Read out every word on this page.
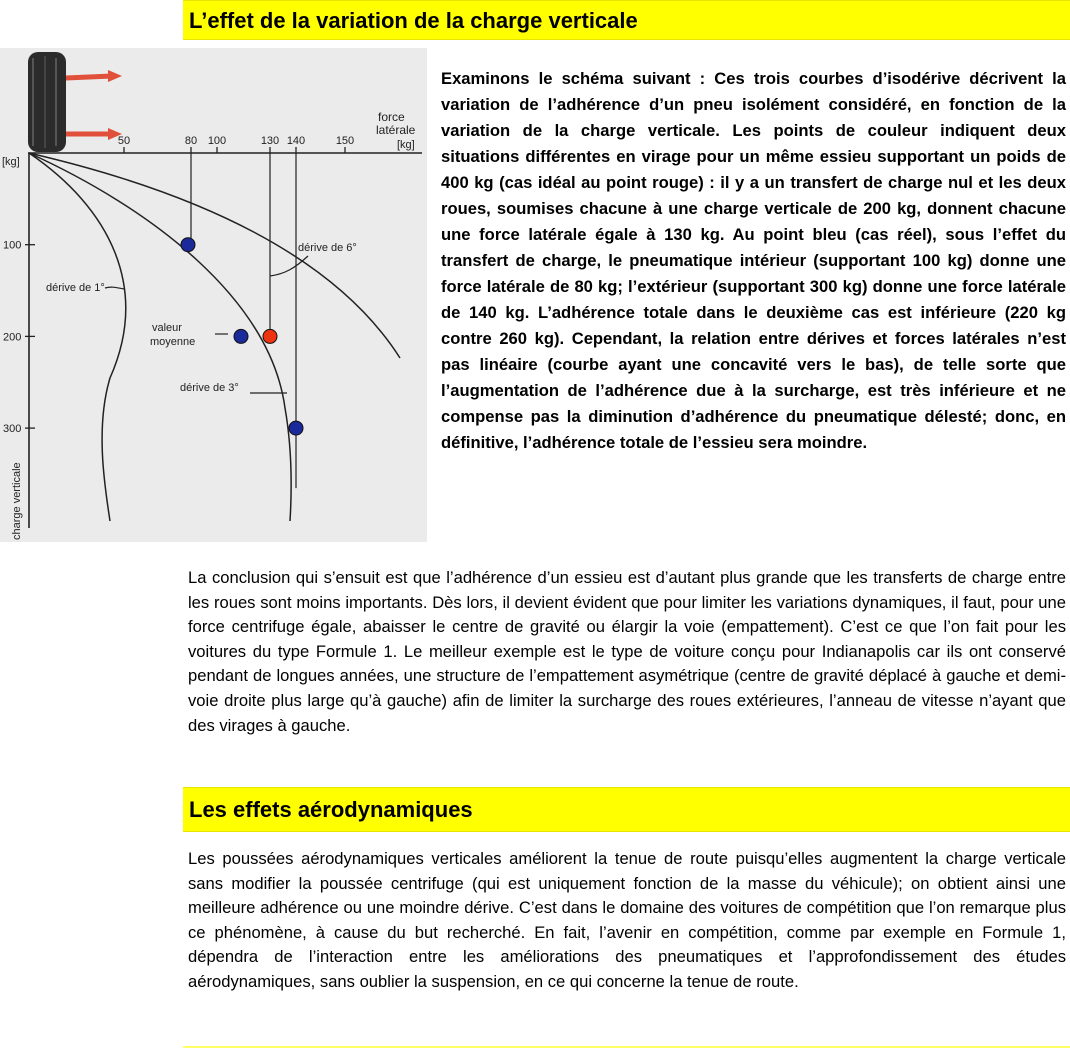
L’effet de la variation de la charge verticale
50	80 100	130 140	150
100
200
300
force
latérale
[kg]
[kg]
charge verticale
dérive de 1°
dérive de 3°
dérive de 6°
valeur
moyenne

Examinons le schéma suivant : Ces trois courbes d’isodérive décrivent la variation de l’adhérence d’un pneu isolément considéré, en fonction de la variation de la charge verticale. Les points de couleur indiquent deux situations différentes en virage pour un même essieu supportant un poids de 400 kg (cas idéal au point rouge) : il y a un transfert de charge nul et les deux roues, soumises chacune à une charge verticale de 200 kg, donnent chacune une force latérale égale à 130 kg. Au point bleu (cas réel), sous l’effet du transfert de charge, le pneumatique intérieur (supportant 100 kg) donne une force latérale de 80 kg; l’extérieur (supportant 300 kg) donne une force latérale de 140 kg. L’adhérence totale dans le deuxième cas est inférieure (220 kg contre 260 kg). Cependant, la relation entre dérives et forces latérales n’est pas linéaire (courbe ayant une concavité vers le bas), de telle sorte que l’augmentation de l’adhérence due à la surcharge, est très inférieure et ne compense pas la diminution d’adhérence du pneumatique délesté; donc, en définitive, l’adhérence totale de l’essieu sera moindre.

La conclusion qui s’ensuit est que l’adhérence d’un essieu est d’autant plus grande que les transferts de charge entre les roues sont moins importants. Dès lors, il devient évident que pour limiter les variations dynamiques, il faut, pour une force centrifuge égale, abaisser le centre de gravité ou élargir la voie (empattement). C’est ce que l’on fait pour les voitures du type Formule 1. Le meilleur exemple est le type de voiture conçu pour Indianapolis car ils ont conservé pendant de longues années, une structure de l’empattement asymétrique (centre de gravité déplacé à gauche et demi-voie droite plus large qu’à gauche) afin de limiter la surcharge des roues extérieures, l’anneau de vitesse n’ayant que des virages à gauche.

Les effets aérodynamiques

Les poussées aérodynamiques verticales améliorent la tenue de route puisqu’elles augmentent la charge verticale sans modifier la poussée centrifuge (qui est uniquement fonction de la masse du véhicule); on obtient ainsi une meilleure adhérence ou une moindre dérive. C’est dans le domaine des voitures de compétition que l’on remarque plus ce phénomène, à cause du but recherché. En fait, l’avenir en compétition, comme par exemple en Formule 1, dépendra de l’interaction entre les améliorations des pneumatiques et l’approfondissement des études aérodynamiques, sans oublier la suspension, en ce qui concerne la tenue de route.
